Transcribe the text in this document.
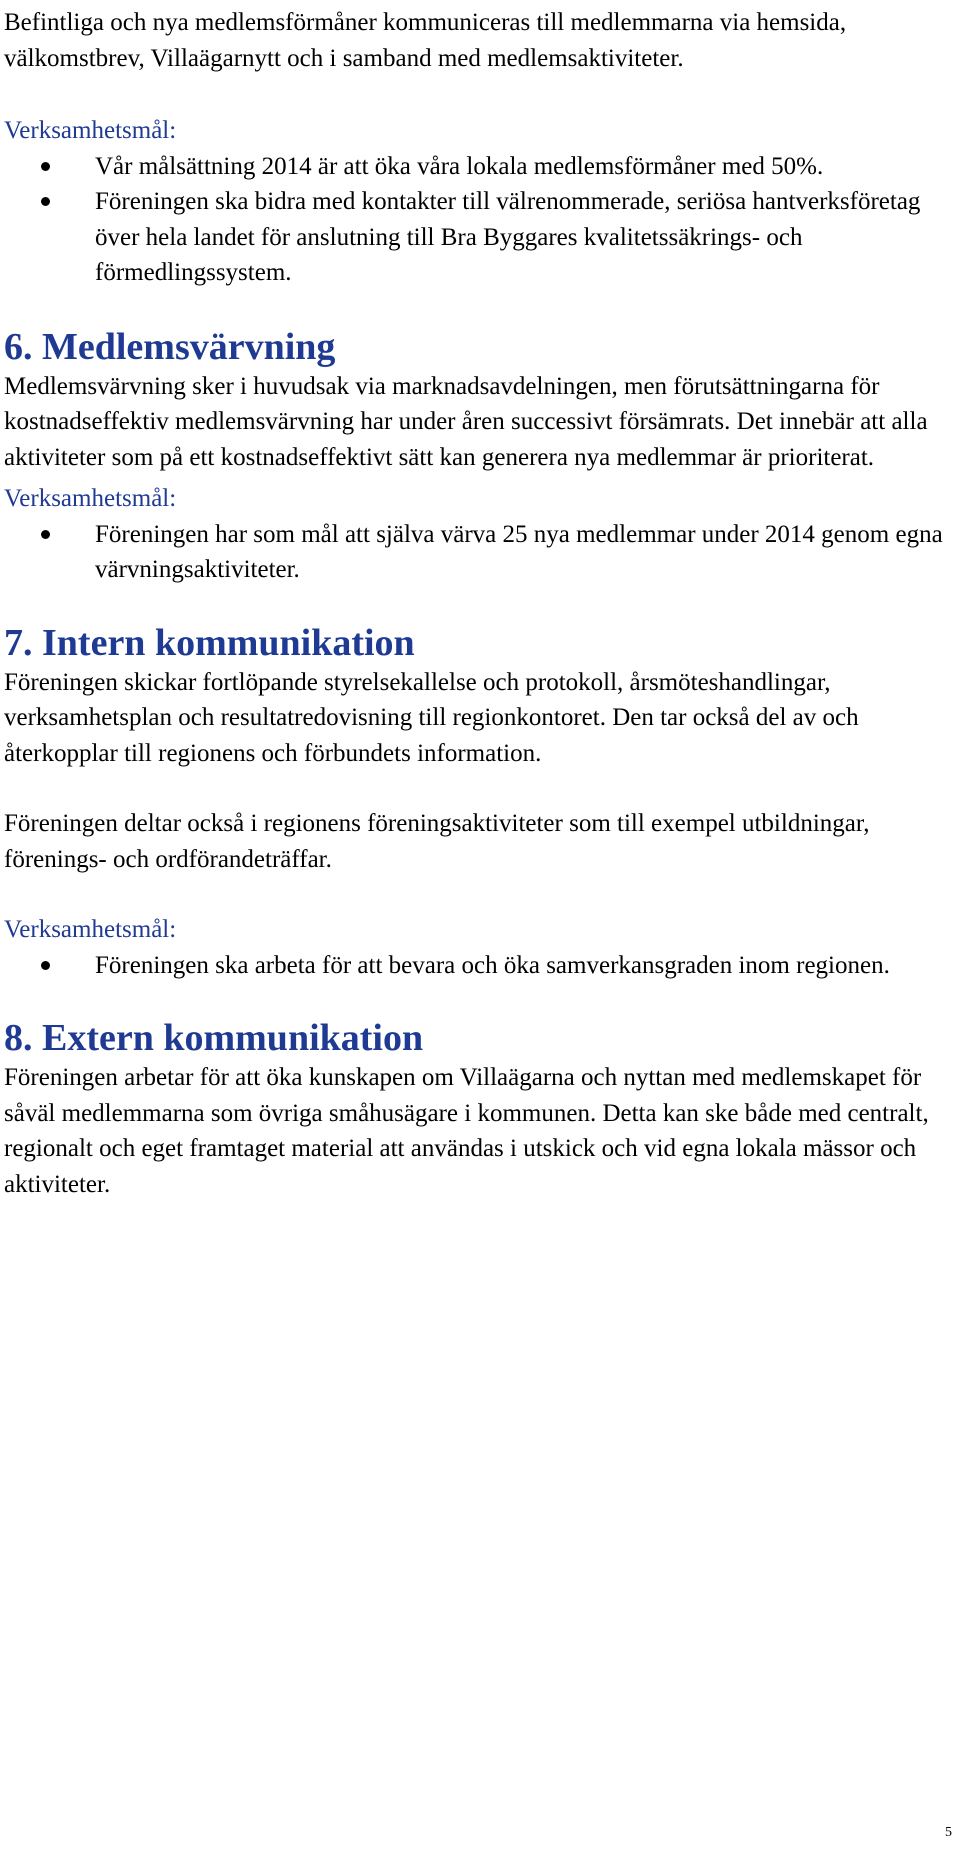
Befintliga och nya medlemsförmåner kommuniceras till medlemmarna via hemsida, välkomstbrev, Villaägarnytt och i samband med medlemsaktiviteter.

Verksamhetsmål:

Vår målsättning 2014 är att öka våra lokala medlemsförmåner med 50%.
Föreningen ska bidra med kontakter till välrenommerade, seriösa hantverksföretag över hela landet för anslutning till Bra Byggares kvalitetssäkrings- och förmedlingssystem.
6. Medlemsvärvning

Medlemsvärvning sker i huvudsak via marknadsavdelningen, men förutsättningarna för kostnadseffektiv medlemsvärvning har under åren successivt försämrats. Det innebär att alla aktiviteter som på ett kostnadseffektivt sätt kan generera nya medlemmar är prioriterat.

Verksamhetsmål:

Föreningen har som mål att själva värva 25 nya medlemmar under 2014 genom egna värvningsaktiviteter.
7. Intern kommunikation

Föreningen skickar fortlöpande styrelsekallelse och protokoll, årsmöteshandlingar, verksamhetsplan och resultatredovisning till regionkontoret. Den tar också del av och återkopplar till regionens och förbundets information.

Föreningen deltar också i regionens föreningsaktiviteter som till exempel utbildningar, förenings- och ordförandeträffar.

Verksamhetsmål:

Föreningen ska arbeta för att bevara och öka samverkansgraden inom regionen.
8. Extern kommunikation

Föreningen arbetar för att öka kunskapen om Villaägarna och nyttan med medlemskapet för såväl medlemmarna som övriga småhusägare i kommunen. Detta kan ske både med centralt, regionalt och eget framtaget material att användas i utskick och vid egna lokala mässor och aktiviteter.

5
